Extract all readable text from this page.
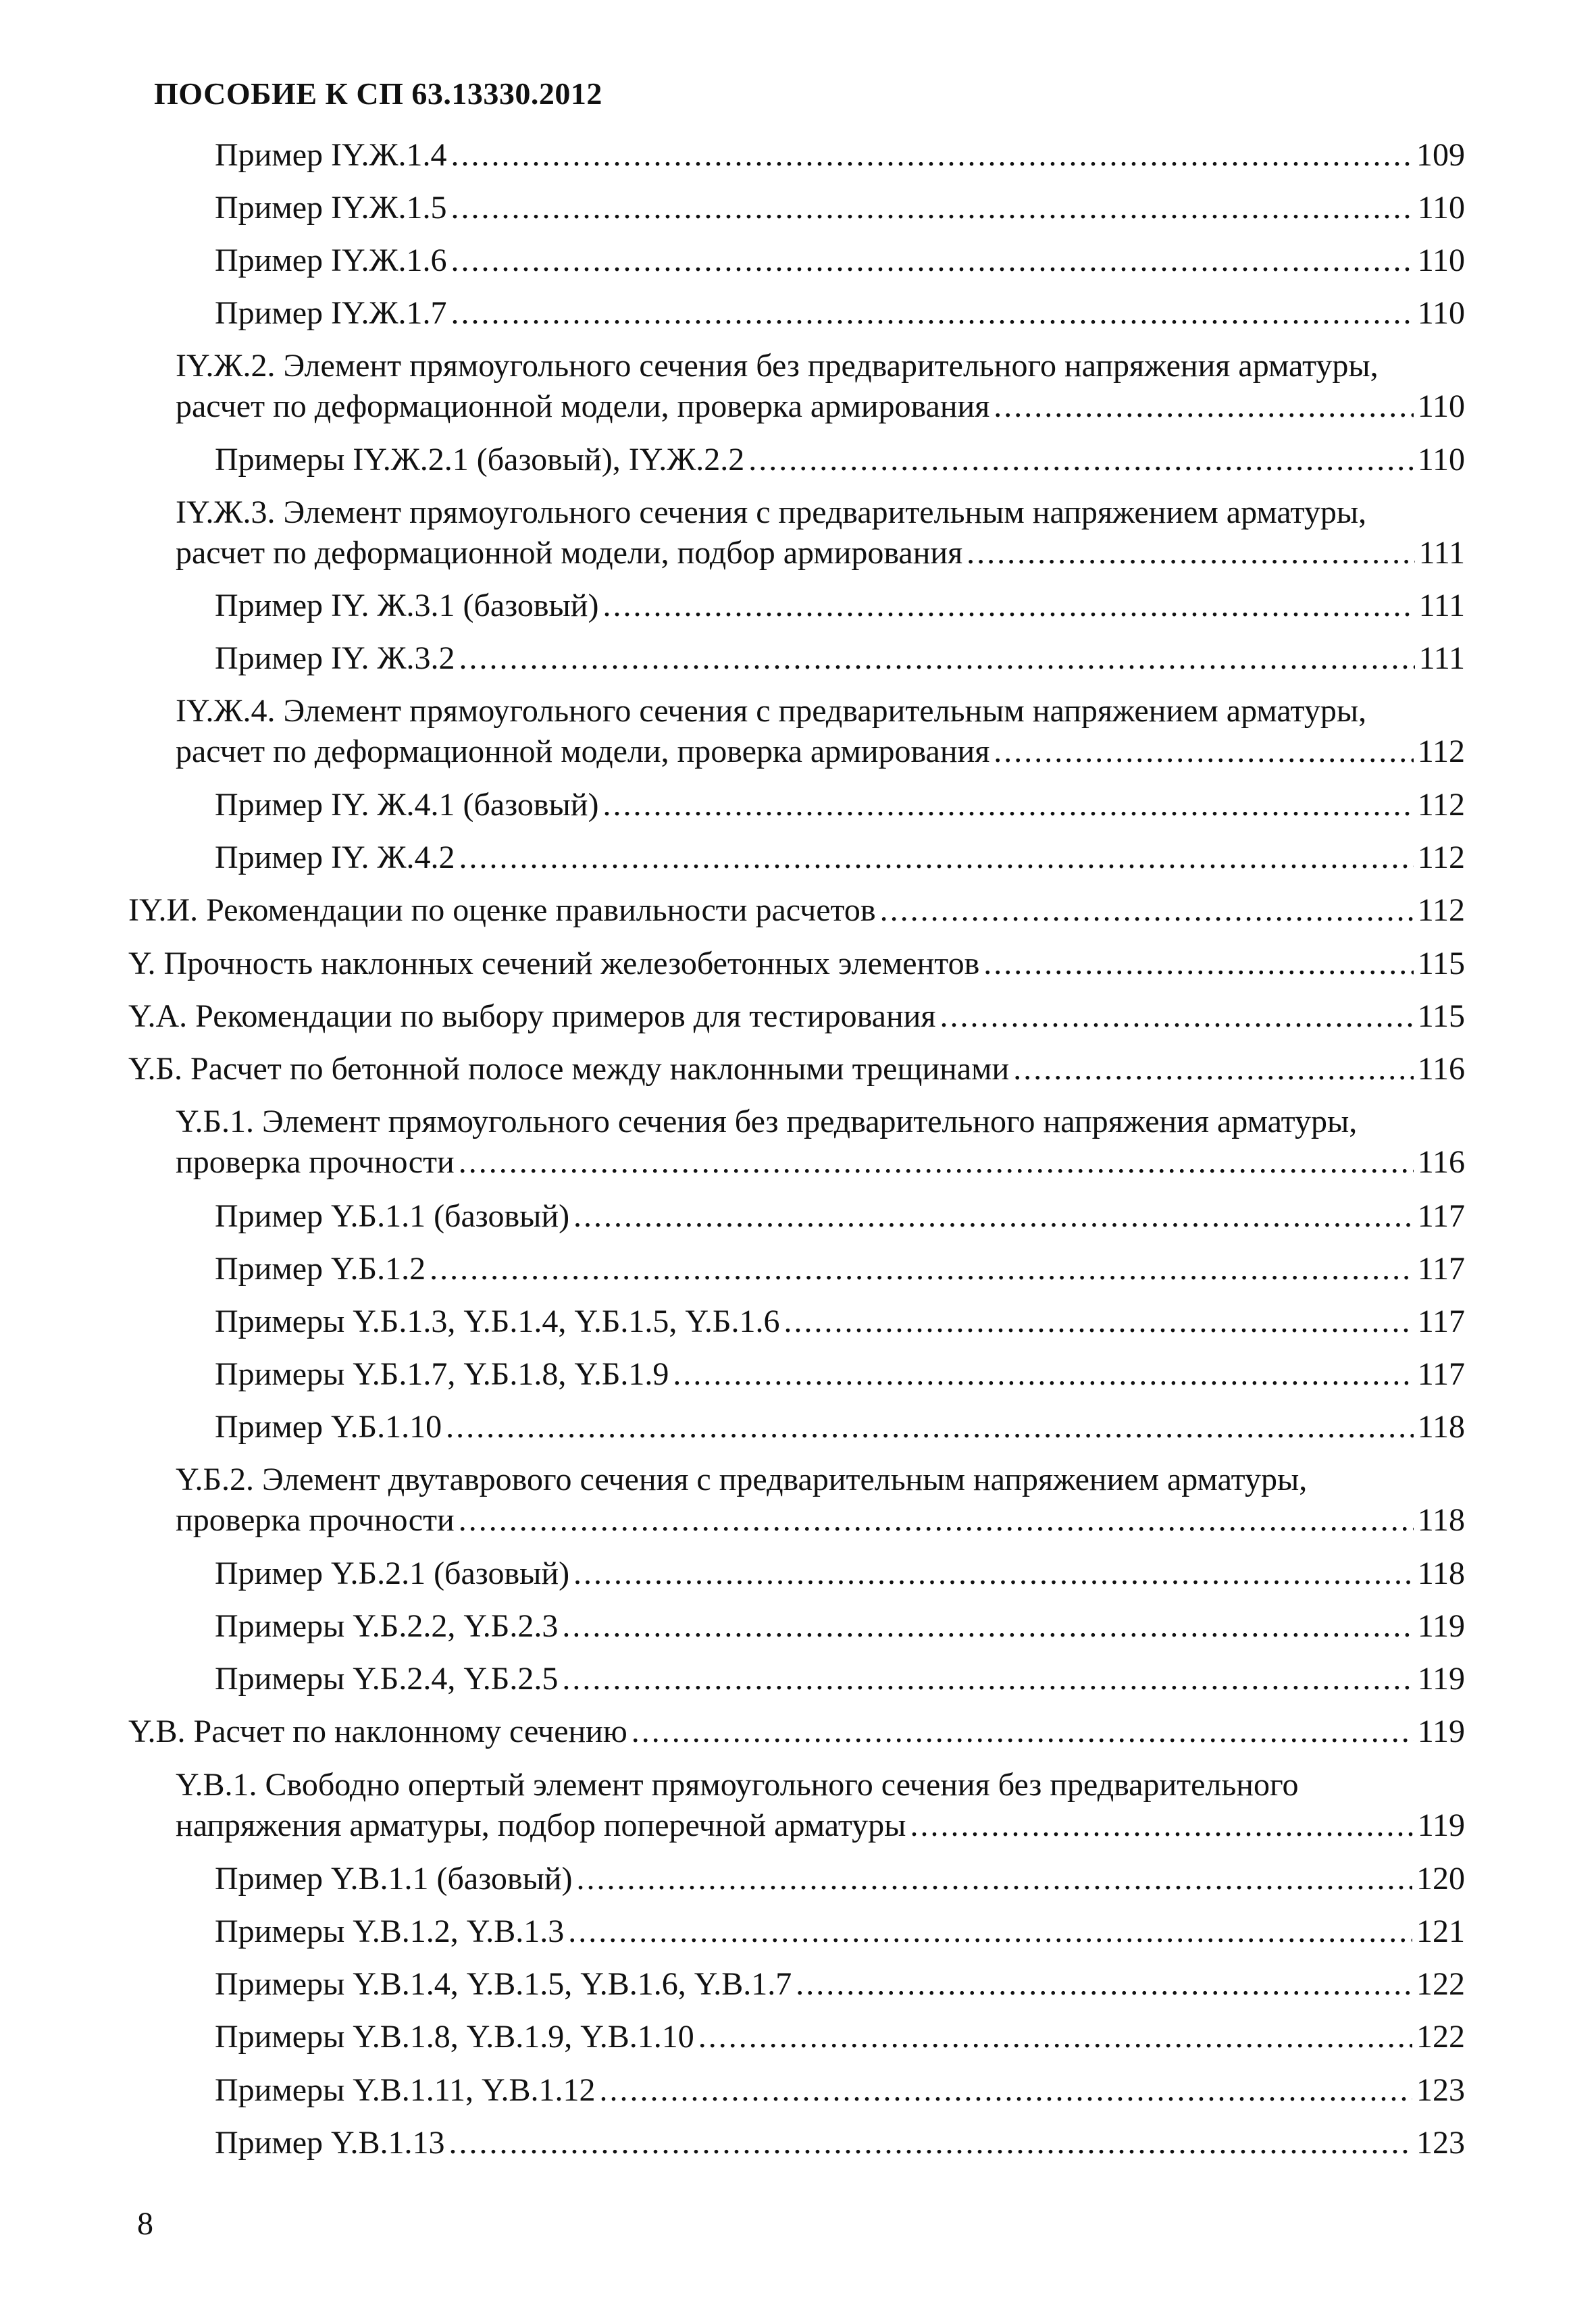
ПОСОБИЕ К СП 63.13330.2012
Пример IY.Ж.1.4 .....	109
Пример IY.Ж.1.5 .....	110
Пример IY.Ж.1.6 .....	110
Пример IY.Ж.1.7 .....	110
IY.Ж.2. Элемент прямоугольного сечения без предварительного напряжения арматуры,
расчет по деформационной модели, проверка армирования .....	110
Примеры IY.Ж.2.1 (базовый), IY.Ж.2.2 .....	110
IY.Ж.3. Элемент прямоугольного сечения с предварительным напряжением арматуры,
расчет по деформационной модели, подбор армирования .....	111
Пример IY. Ж.3.1 (базовый) .....	111
Пример IY. Ж.3.2 .....	111
IY.Ж.4. Элемент прямоугольного сечения с предварительным напряжением арматуры,
расчет по деформационной модели, проверка армирования .....	112
Пример IY. Ж.4.1 (базовый) .....	112
Пример IY. Ж.4.2 .....	112
IY.И. Рекомендации по оценке правильности расчетов .....	112
Y. Прочность наклонных сечений железобетонных элементов .....	115
Y.А. Рекомендации по выбору примеров для тестирования .....	115
Y.Б. Расчет по бетонной полосе между наклонными трещинами .....	116
Y.Б.1. Элемент прямоугольного сечения без предварительного напряжения арматуры,
проверка прочности .....	116
Пример Y.Б.1.1 (базовый) .....	117
Пример Y.Б.1.2 .....	117
Примеры Y.Б.1.3, Y.Б.1.4, Y.Б.1.5, Y.Б.1.6 .....	117
Примеры Y.Б.1.7, Y.Б.1.8, Y.Б.1.9 .....	117
Пример Y.Б.1.10 .....	118
Y.Б.2. Элемент двутаврового сечения с предварительным напряжением арматуры,
проверка прочности .....	118
Пример Y.Б.2.1 (базовый) .....	118
Примеры Y.Б.2.2, Y.Б.2.3 .....	119
Примеры Y.Б.2.4, Y.Б.2.5 .....	119
Y.В. Расчет по наклонному сечению .....	119
Y.В.1. Свободно опертый элемент прямоугольного сечения без предварительного
напряжения арматуры, подбор поперечной арматуры .....	119
Пример Y.В.1.1 (базовый) .....	120
Примеры Y.В.1.2, Y.В.1.3 .....	121
Примеры Y.В.1.4, Y.В.1.5, Y.В.1.6, Y.В.1.7 .....	122
Примеры Y.В.1.8, Y.В.1.9, Y.В.1.10 .....	122
Примеры Y.В.1.11, Y.В.1.12 .....	123
Пример Y.В.1.13 .....	123
8
